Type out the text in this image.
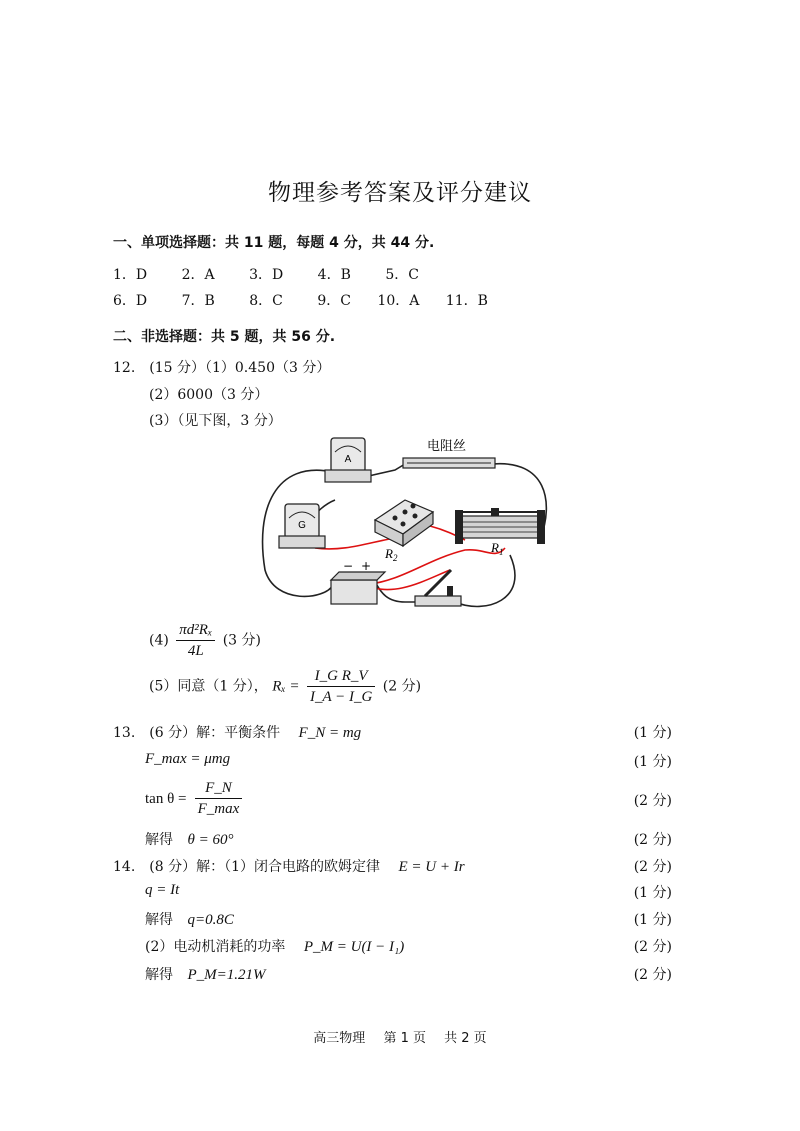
物理参考答案及评分建议
一、单项选择题：共 11 题，每题 4 分，共 44 分.
1．D 2．A 3．D 4．B 5．C
6．D 7．B 8．C 9．C 10．A 11．B
二、非选择题：共 5 题，共 56 分.
12.　(15 分）（1）0.450（3 分）
(2）6000（3 分）
(3）（见下图，3 分）
A
G
电阻丝
$R_2$
$R_1$
− +
$(4) \frac{\text{πd²Rₓ}}{4L} (3$ 分)
(5）同意（1 分）， $R_x = \frac{\text{I\_G R\_V}}{I\_A - I\_G} (2$ 分)
13.　(6 分）解：平衡条件 F_N = mg	(1 分)
F_max = μmg	(1 分)
$\tan \theta = \frac{F\_N}{F\_\max}$	(2 分)
解得 θ = 60°	(2 分)
14.　(8 分）解：（1）闭合电路的欧姆定律 E = U + Ir	(2 分)
q = It	(1 分)
解得 q=0.8C	(1 分)
(2）电动机消耗的功率 P_M = U(I − I₁)	(2 分)
解得 P_M=1.21W	(2 分)
高三物理 第 1 页 共 2 页
